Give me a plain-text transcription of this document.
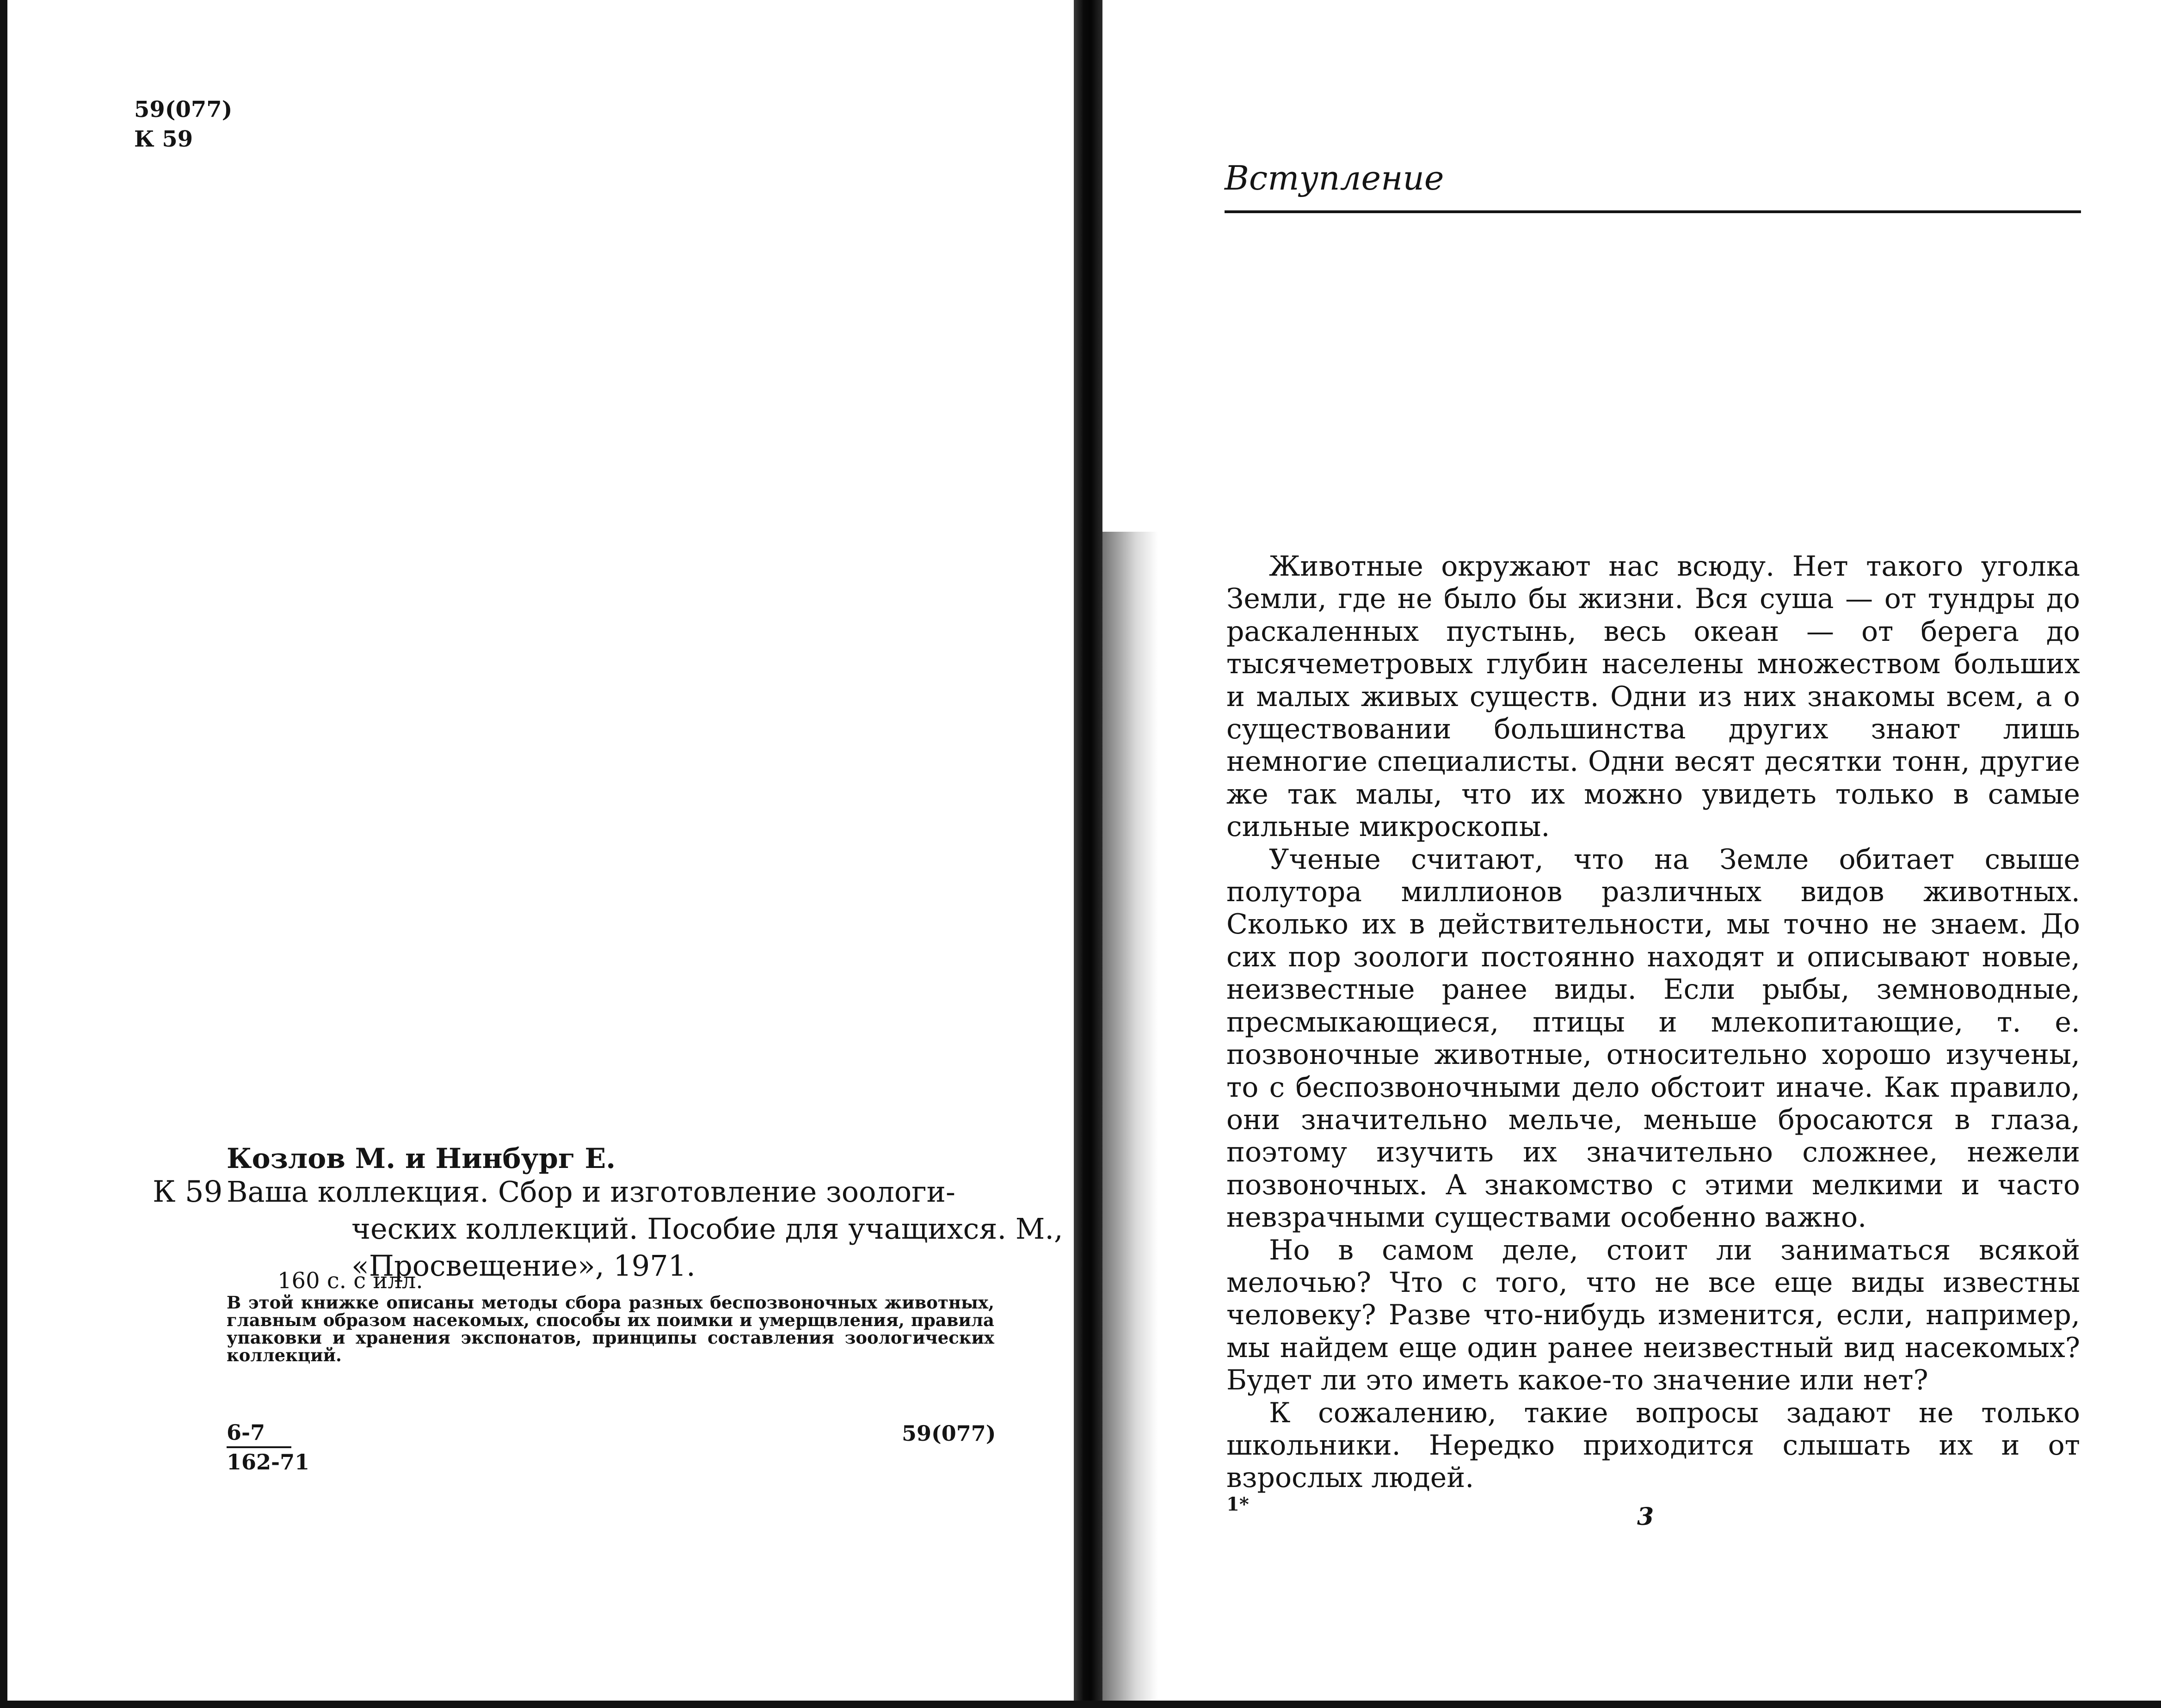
59(077)
К 59
Козлов М. и Нинбург Е.
К 59 Ваша коллекция. Сбор и изготовление зоологи-
ческих коллекций. Пособие для учащихся. М.,
«Просвещение», 1971.
160 с. с илл.
В этой книжке описаны методы сбора разных беспозвоночных животных, главным образом насекомых, способы их поимки и умерщвления, правила упаковки и хранения экспонатов, принципы составления зоологических коллекций.
$\frac{6-7}{162-71}$	59(077)
Вступление

Животные окружают нас всюду. Нет такого уголка Земли, где не было бы жизни. Вся суша — от тундры до раскаленных пустынь, весь океан — от берега до тысячеметровых глубин населены множеством больших и малых живых существ. Одни из них знакомы всем, а о существовании большинства других знают лишь немногие специалисты. Одни весят десятки тонн, другие же так малы, что их можно увидеть только в самые сильные микроскопы.

Ученые считают, что на Земле обитает свыше полутора миллионов различных видов животных. Сколько их в действительности, мы точно не знаем. До сих пор зоологи постоянно находят и описывают новые, неизвестные ранее виды. Если рыбы, земноводные, пресмыкающиеся, птицы и млекопитающие, т. е. позвоночные животные, относительно хорошо изучены, то с беспозвоночными дело обстоит иначе. Как правило, они значительно мельче, меньше бросаются в глаза, поэтому изучить их значительно сложнее, нежели позвоночных. А знакомство с этими мелкими и часто невзрачными существами особенно важно.

Но в самом деле, стоит ли заниматься всякой мелочью? Что с того, что не все еще виды известны человеку? Разве что-нибудь изменится, если, например, мы найдем еще один ранее неизвестный вид насекомых? Будет ли это иметь какое-то значение или нет?

К сожалению, такие вопросы задают не только школьники. Нередко приходится слышать их и от взрослых людей.

1*	3
